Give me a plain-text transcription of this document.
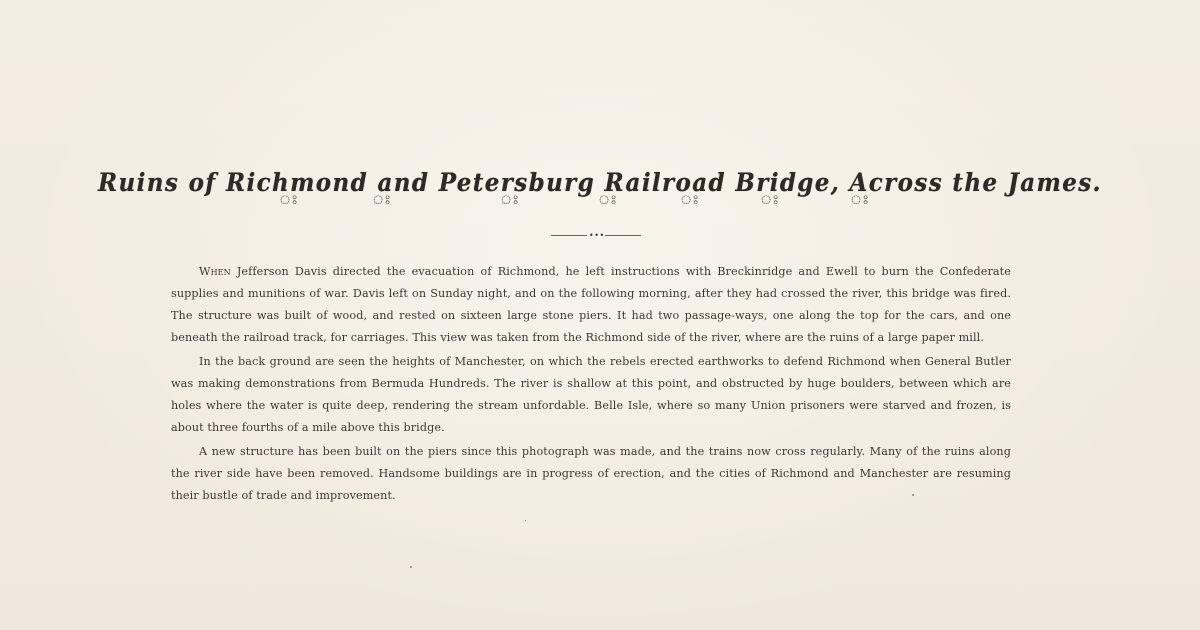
Ruins of Richmond and Petersburg Railroad Bridge, Across the James.
ঃ	ঃ	ঃ	ঃ	ঃ	ঃ	ঃ
•••

When Jefferson Davis directed the evacuation of Richmond, he left instructions with Breckinridge and Ewell to burn the Confederate supplies and munitions of war. Davis left on Sunday night, and on the following morning, after they had crossed the river, this bridge was fired. The structure was built of wood, and rested on sixteen large stone piers. It had two passage-ways, one along the top for the cars, and one beneath the railroad track, for carriages. This view was taken from the Richmond side of the river, where are the ruins of a large paper mill.

In the back ground are seen the heights of Manchester, on which the rebels erected earthworks to defend Richmond when General Butler was making demonstrations from Bermuda Hundreds. The river is shallow at this point, and obstructed by huge boulders, between which are holes where the water is quite deep, rendering the stream unfordable. Belle Isle, where so many Union prisoners were starved and frozen, is about three fourths of a mile above this bridge.

A new structure has been built on the piers since this photograph was made, and the trains now cross regularly. Many of the ruins along the river side have been removed. Handsome buildings are in progress of erection, and the cities of Richmond and Manchester are resuming their bustle of trade and improvement.
